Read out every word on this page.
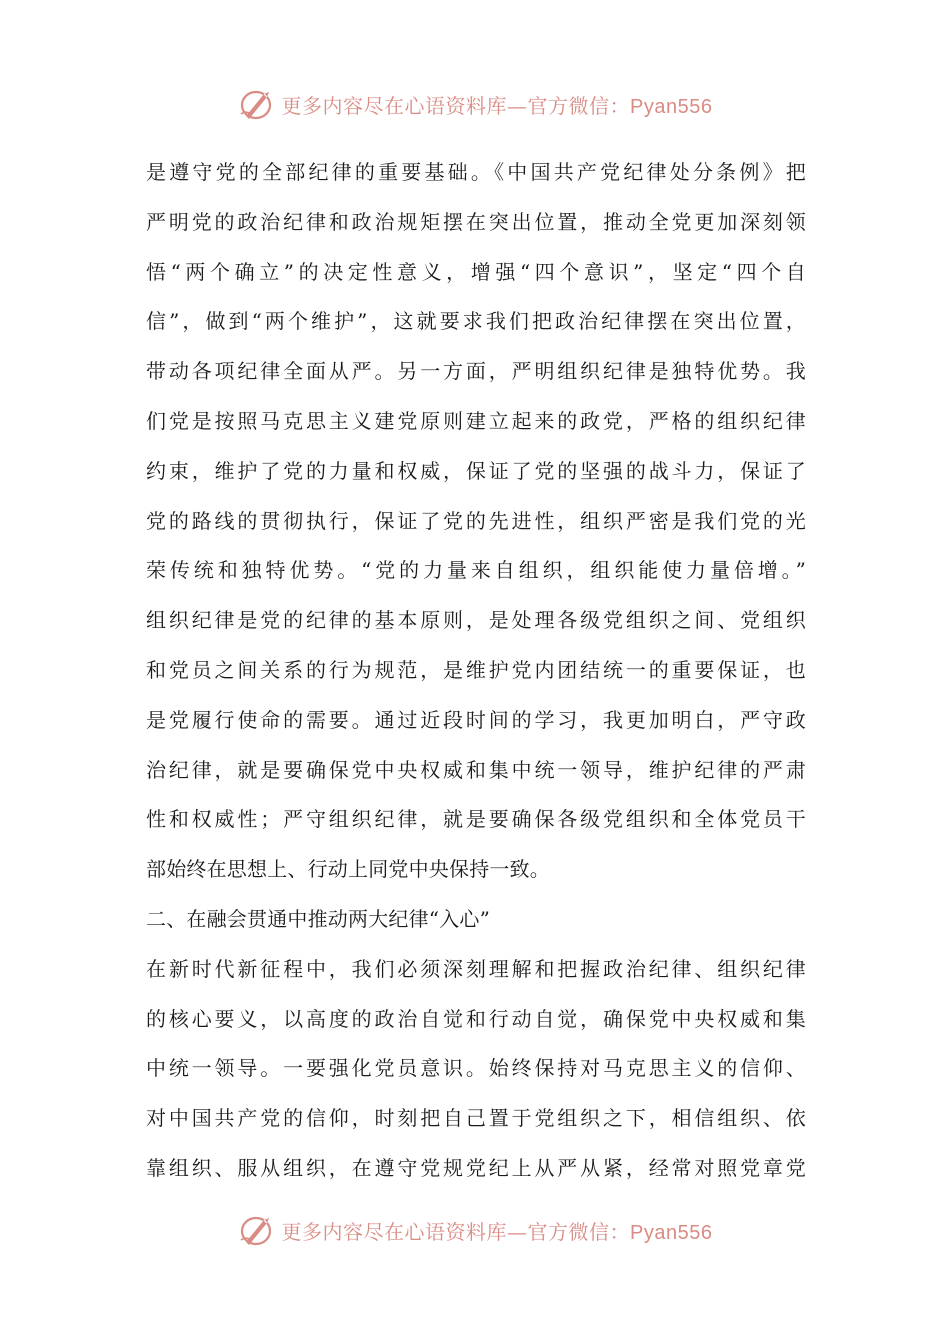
更多内容尽在心语资料库—官方微信：Pyan556
是遵守党的全部纪律的重要基础。《中国共产党纪律处分条例》把
严明党的政治纪律和政治规矩摆在突出位置，推动全党更加深刻领
悟“两个确立”的决定性意义，增强“四个意识”，坚定“四个自
信”，做到“两个维护”，这就要求我们把政治纪律摆在突出位置，
带动各项纪律全面从严。另一方面，严明组织纪律是独特优势。我
们党是按照马克思主义建党原则建立起来的政党，严格的组织纪律
约束，维护了党的力量和权威，保证了党的坚强的战斗力，保证了
党的路线的贯彻执行，保证了党的先进性，组织严密是我们党的光
荣传统和独特优势。“党的力量来自组织，组织能使力量倍增。”
组织纪律是党的纪律的基本原则，是处理各级党组织之间、党组织
和党员之间关系的行为规范，是维护党内团结统一的重要保证，也
是党履行使命的需要。通过近段时间的学习，我更加明白，严守政
治纪律，就是要确保党中央权威和集中统一领导，维护纪律的严肃
性和权威性；严守组织纪律，就是要确保各级党组织和全体党员干
部始终在思想上、行动上同党中央保持一致。
二、在融会贯通中推动两大纪律“入心”
在新时代新征程中，我们必须深刻理解和把握政治纪律、组织纪律
的核心要义，以高度的政治自觉和行动自觉，确保党中央权威和集
中统一领导。一要强化党员意识。始终保持对马克思主义的信仰、
对中国共产党的信仰，时刻把自己置于党组织之下，相信组织、依
靠组织、服从组织，在遵守党规党纪上从严从紧，经常对照党章党
更多内容尽在心语资料库—官方微信：Pyan556
